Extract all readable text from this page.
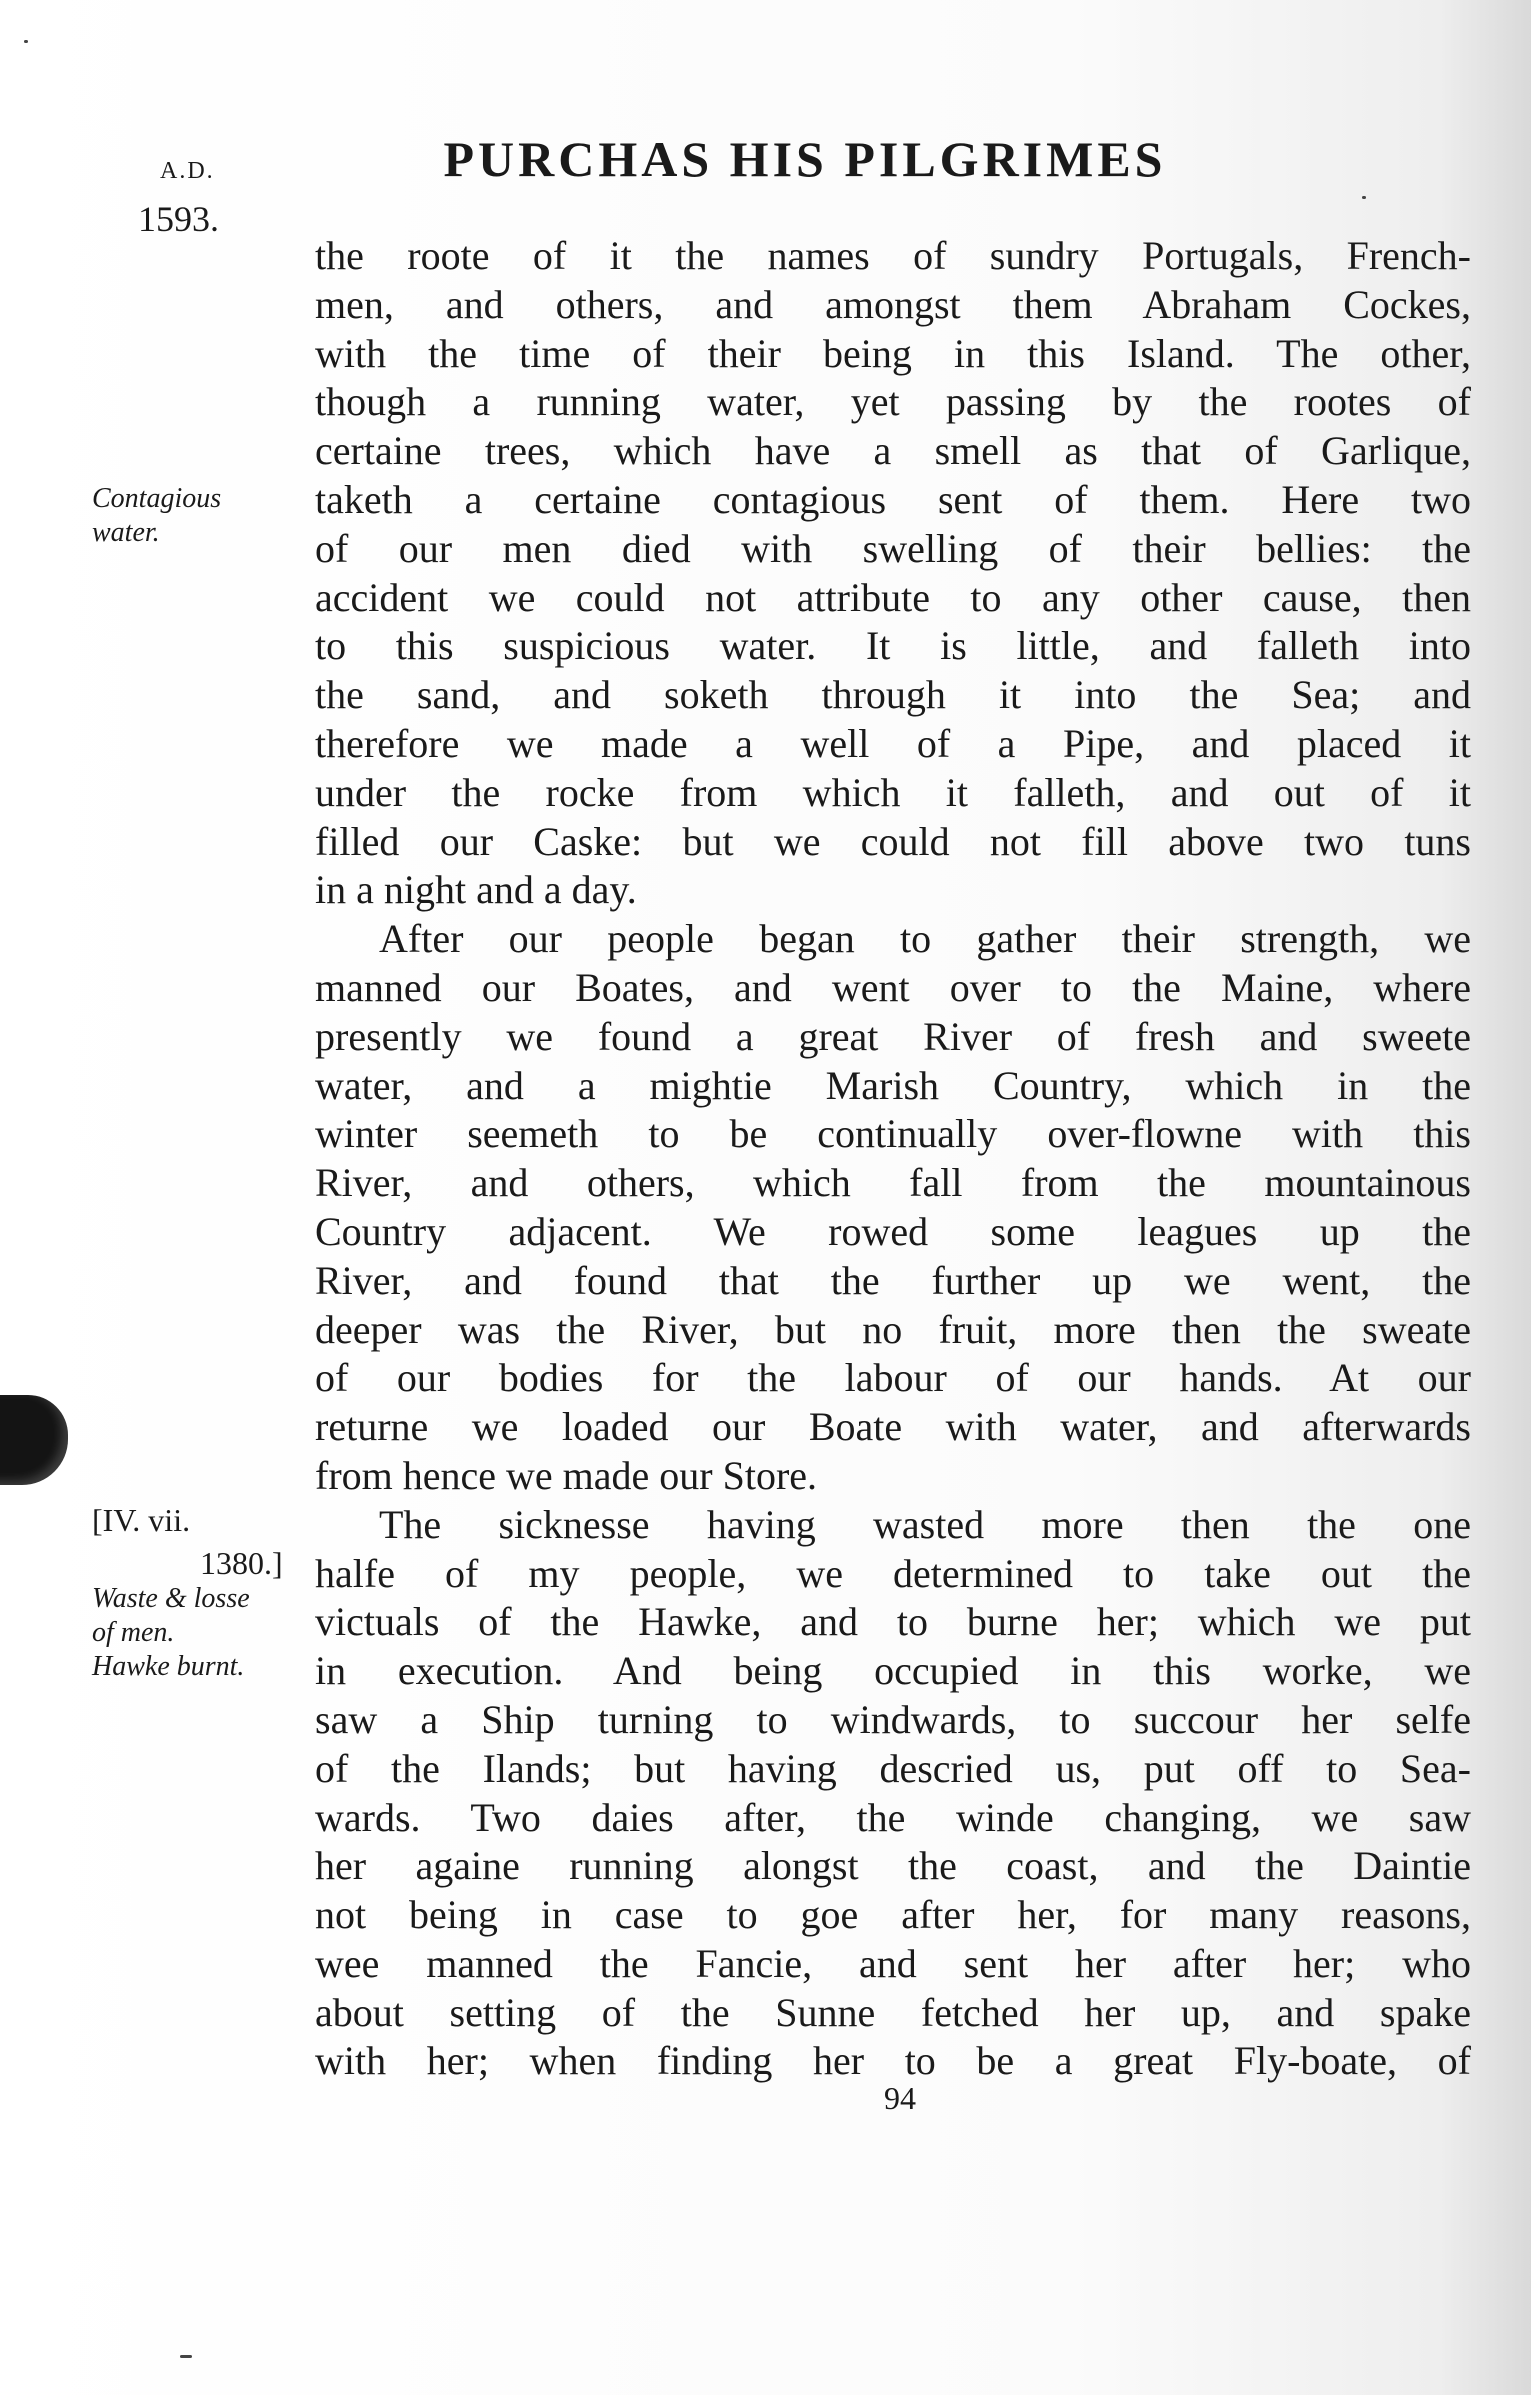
A.D.
1593.
PURCHAS HIS PILGRIMES
Contagious
water.
[IV. vii.
1380.]
Waste & losse
of men.
Hawke burnt.
the roote of it the names of sundry Portugals, French-
men, and others, and amongst them Abraham Cockes,
with the time of their being in this Island. The other,
though a running water, yet passing by the rootes of
certaine trees, which have a smell as that of Garlique,
taketh a certaine contagious sent of them. Here two
of our men died with swelling of their bellies: the
accident we could not attribute to any other cause, then
to this suspicious water. It is little, and falleth into
the sand, and soketh through it into the Sea; and
therefore we made a well of a Pipe, and placed it
under the rocke from which it falleth, and out of it
filled our Caske: but we could not fill above two tuns
in a night and a day.
After our people began to gather their strength, we
manned our Boates, and went over to the Maine, where
presently we found a great River of fresh and sweete
water, and a mightie Marish Country, which in the
winter seemeth to be continually over-flowne with this
River, and others, which fall from the mountainous
Country adjacent. We rowed some leagues up the
River, and found that the further up we went, the
deeper was the River, but no fruit, more then the sweate
of our bodies for the labour of our hands. At our
returne we loaded our Boate with water, and afterwards
from hence we made our Store.
The sicknesse having wasted more then the one
halfe of my people, we determined to take out the
victuals of the Hawke, and to burne her; which we put
in execution. And being occupied in this worke, we
saw a Ship turning to windwards, to succour her selfe
of the Ilands; but having descried us, put off to Sea-
wards. Two daies after, the winde changing, we saw
her againe running alongst the coast, and the Daintie
not being in case to goe after her, for many reasons,
wee manned the Fancie, and sent her after her; who
about setting of the Sunne fetched her up, and spake
with her; when finding her to be a great Fly-boate, of
94
